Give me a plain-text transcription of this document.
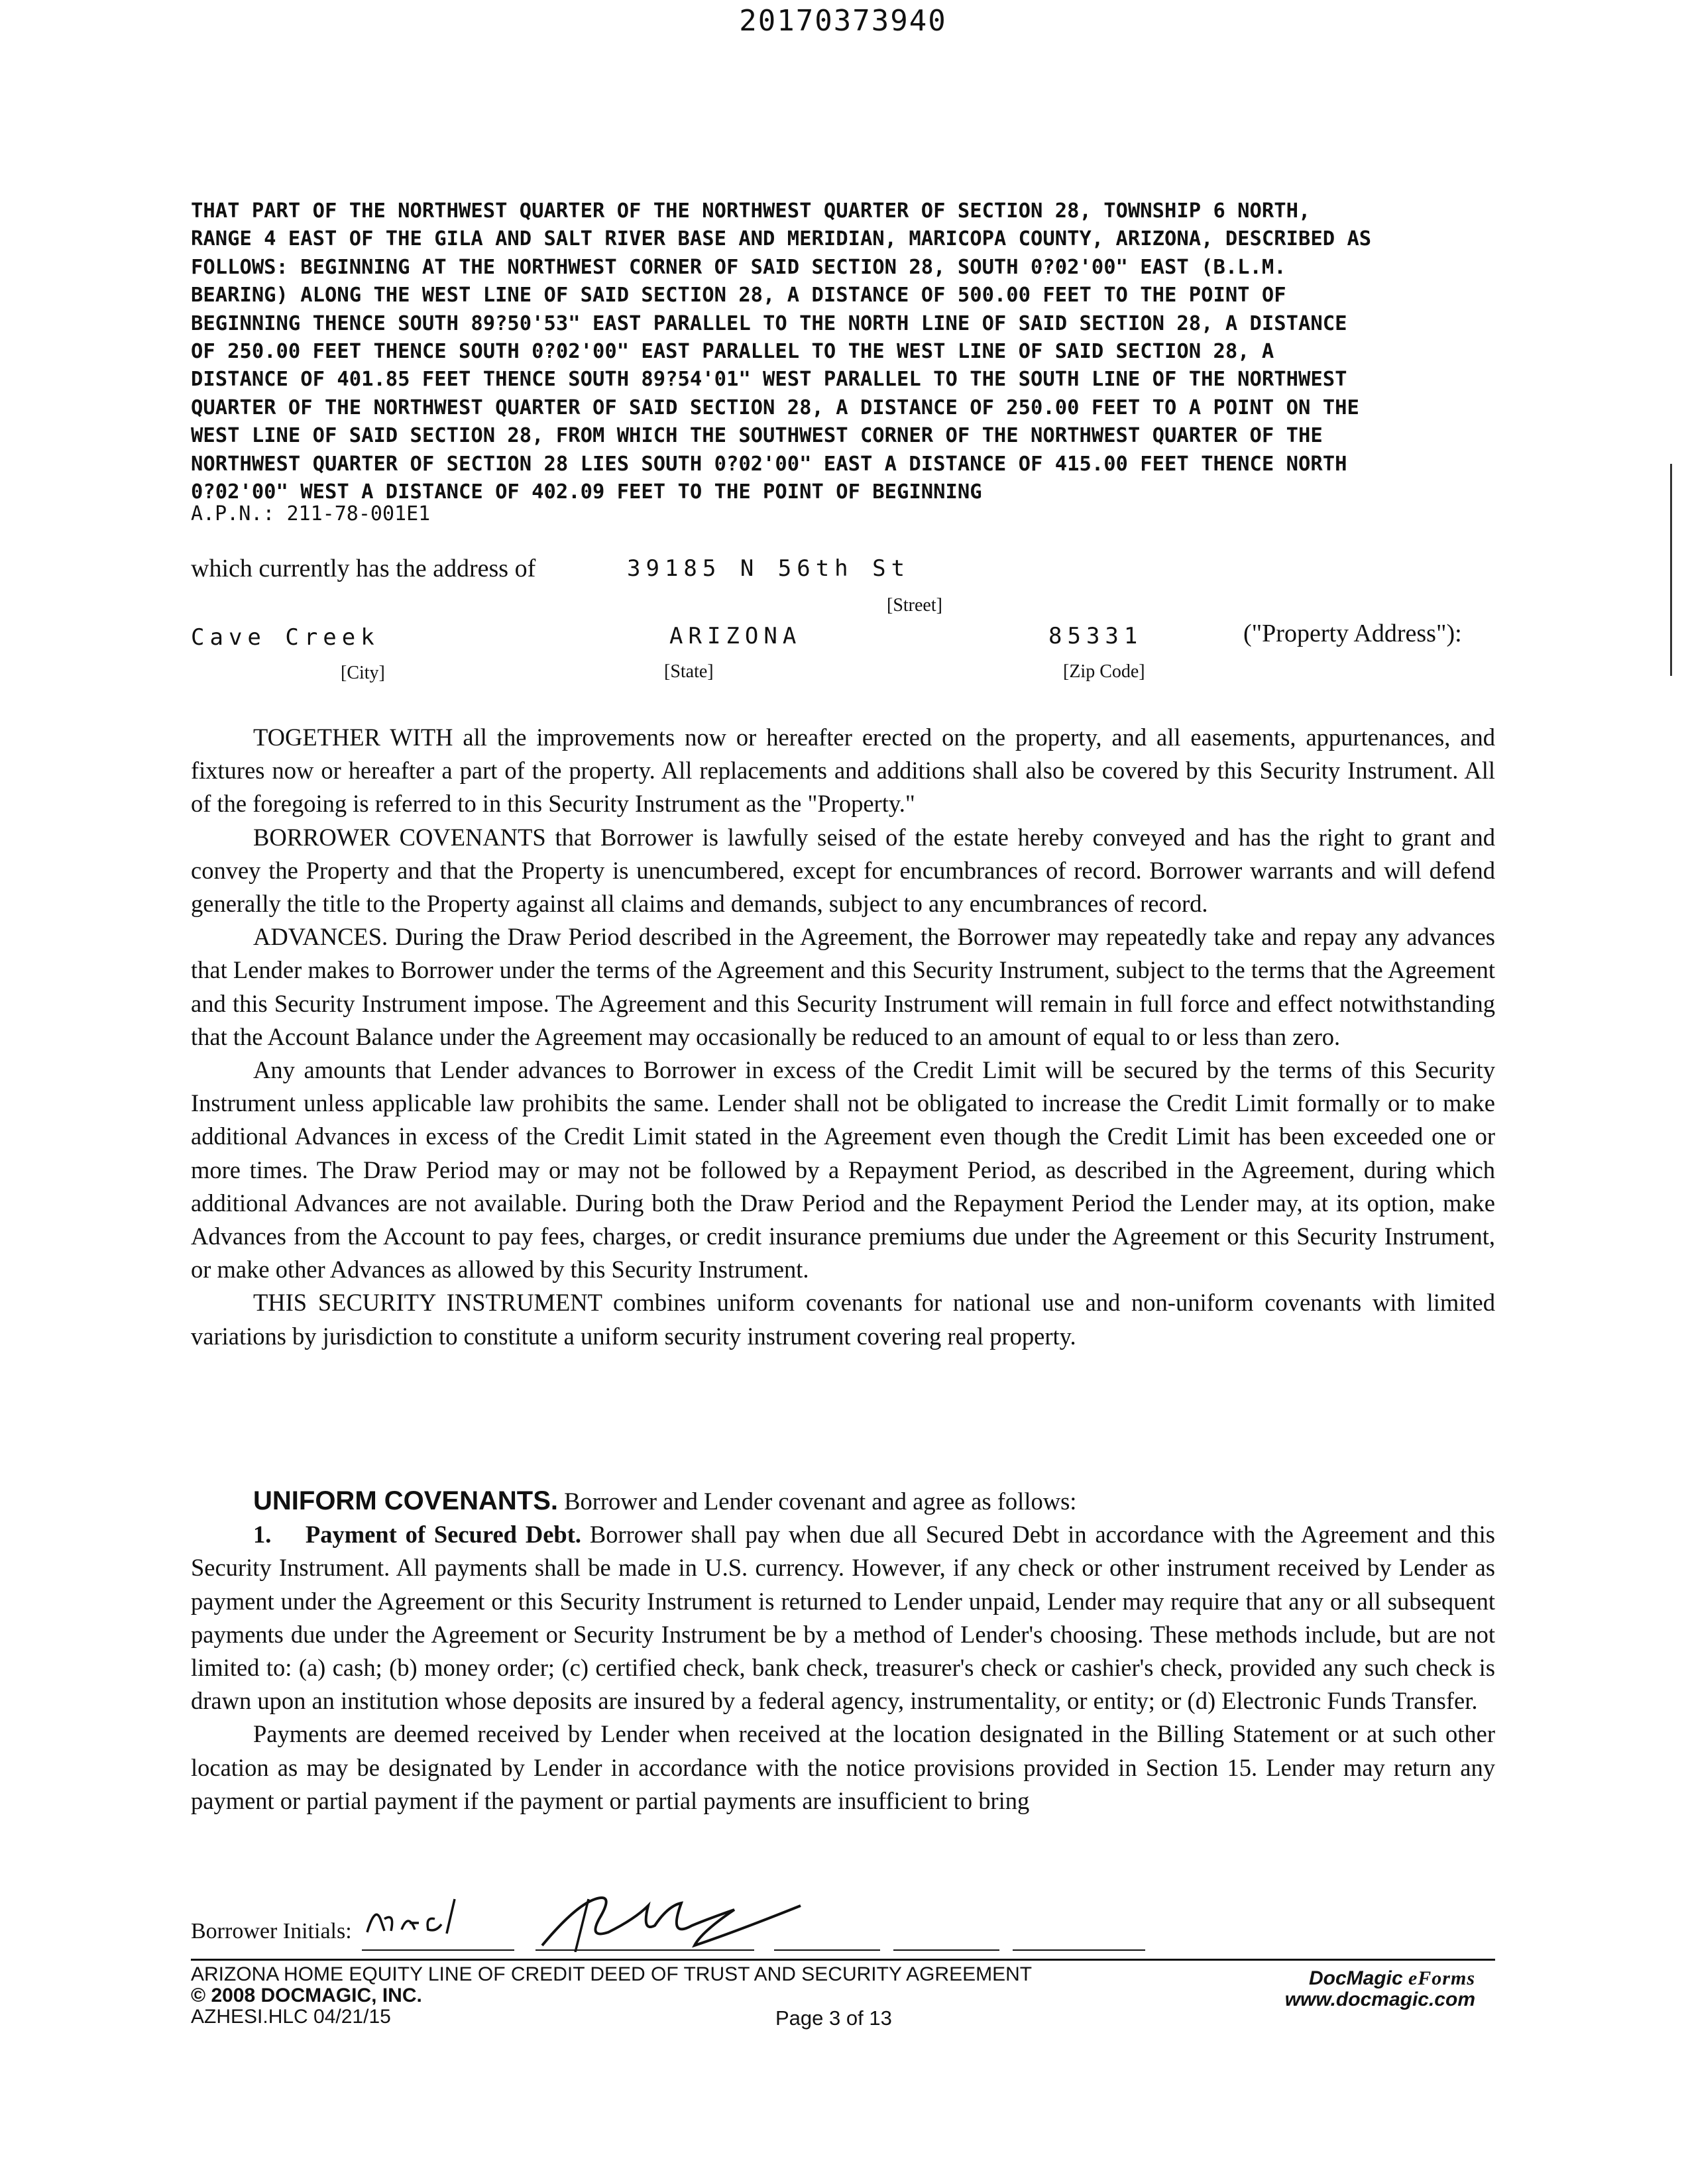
20170373940

THAT PART OF THE NORTHWEST QUARTER OF THE NORTHWEST QUARTER OF SECTION 28, TOWNSHIP 6 NORTH,
RANGE 4 EAST OF THE GILA AND SALT RIVER BASE AND MERIDIAN, MARICOPA COUNTY, ARIZONA, DESCRIBED AS
FOLLOWS: BEGINNING AT THE NORTHWEST CORNER OF SAID SECTION 28, SOUTH 0?02'00" EAST (B.L.M.
BEARING) ALONG THE WEST LINE OF SAID SECTION 28, A DISTANCE OF 500.00 FEET TO THE POINT OF
BEGINNING THENCE SOUTH 89?50'53" EAST PARALLEL TO THE NORTH LINE OF SAID SECTION 28, A DISTANCE
OF 250.00 FEET THENCE SOUTH 0?02'00" EAST PARALLEL TO THE WEST LINE OF SAID SECTION 28, A
DISTANCE OF 401.85 FEET THENCE SOUTH 89?54'01" WEST PARALLEL TO THE SOUTH LINE OF THE NORTHWEST
QUARTER OF THE NORTHWEST QUARTER OF SAID SECTION 28, A DISTANCE OF 250.00 FEET TO A POINT ON THE
WEST LINE OF SAID SECTION 28, FROM WHICH THE SOUTHWEST CORNER OF THE NORTHWEST QUARTER OF THE
NORTHWEST QUARTER OF SECTION 28 LIES SOUTH 0?02'00" EAST A DISTANCE OF 415.00 FEET THENCE NORTH
0?02'00" WEST A DISTANCE OF 402.09 FEET TO THE POINT OF BEGINNING

A.P.N.: 211-78-001E1
which currently has the address of	39185 N 56th St
[Street]
Cave Creek	ARIZONA	85331	("Property Address"):
[City]	[State]	[Zip Code]

TOGETHER WITH all the improvements now or hereafter erected on the property, and all easements, appurtenances, and fixtures now or hereafter a part of the property. All replacements and additions shall also be covered by this Security Instrument. All of the foregoing is referred to in this Security Instrument as the "Property."

BORROWER COVENANTS that Borrower is lawfully seised of the estate hereby conveyed and has the right to grant and convey the Property and that the Property is unencumbered, except for encumbrances of record. Borrower warrants and will defend generally the title to the Property against all claims and demands, subject to any encumbrances of record.

ADVANCES. During the Draw Period described in the Agreement, the Borrower may repeatedly take and repay any advances that Lender makes to Borrower under the terms of the Agreement and this Security Instrument, subject to the terms that the Agreement and this Security Instrument impose. The Agreement and this Security Instrument will remain in full force and effect notwithstanding that the Account Balance under the Agreement may occasionally be reduced to an amount of equal to or less than zero.

Any amounts that Lender advances to Borrower in excess of the Credit Limit will be secured by the terms of this Security Instrument unless applicable law prohibits the same. Lender shall not be obligated to increase the Credit Limit formally or to make additional Advances in excess of the Credit Limit stated in the Agreement even though the Credit Limit has been exceeded one or more times. The Draw Period may or may not be followed by a Repayment Period, as described in the Agreement, during which additional Advances are not available. During both the Draw Period and the Repayment Period the Lender may, at its option, make Advances from the Account to pay fees, charges, or credit insurance premiums due under the Agreement or this Security Instrument, or make other Advances as allowed by this Security Instrument.

THIS SECURITY INSTRUMENT combines uniform covenants for national use and non-uniform covenants with limited variations by jurisdiction to constitute a uniform security instrument covering real property.

UNIFORM COVENANTS. Borrower and Lender covenant and agree as follows:

1. Payment of Secured Debt. Borrower shall pay when due all Secured Debt in accordance with the Agreement and this Security Instrument. All payments shall be made in U.S. currency. However, if any check or other instrument received by Lender as payment under the Agreement or this Security Instrument is returned to Lender unpaid, Lender may require that any or all subsequent payments due under the Agreement or Security Instrument be by a method of Lender's choosing. These methods include, but are not limited to: (a) cash; (b) money order; (c) certified check, bank check, treasurer's check or cashier's check, provided any such check is drawn upon an institution whose deposits are insured by a federal agency, instrumentality, or entity; or (d) Electronic Funds Transfer.

Payments are deemed received by Lender when received at the location designated in the Billing Statement or at such other location as may be designated by Lender in accordance with the notice provisions provided in Section 15. Lender may return any payment or partial payment if the payment or partial payments are insufficient to bring

Borrower Initials:
ARIZONA HOME EQUITY LINE OF CREDIT DEED OF TRUST AND SECURITY AGREEMENT
© 2008 DOCMAGIC, INC.
AZHESI.HLC 04/21/15	Page 3 of 13
DocMagic eForms
www.docmagic.com
